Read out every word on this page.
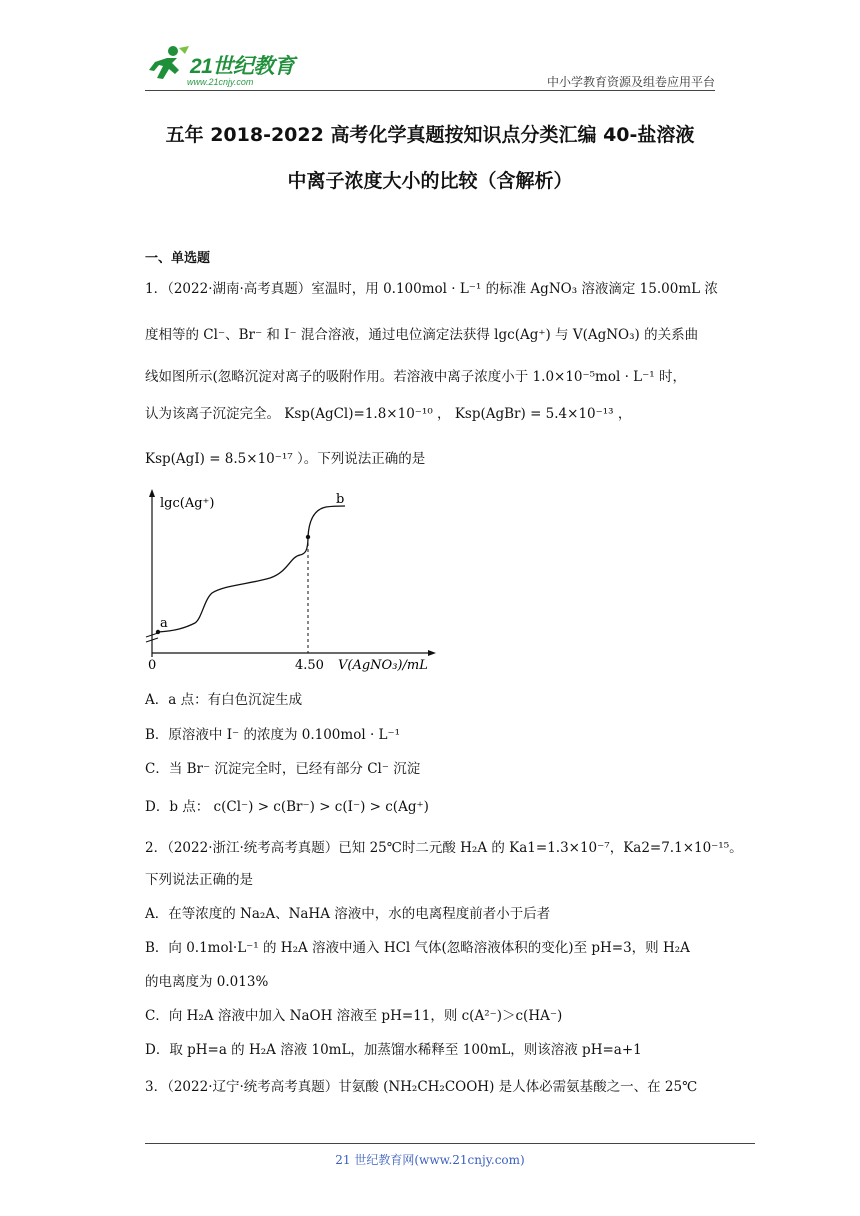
21世纪教育
www.21cnjy.com	中小学教育资源及组卷应用平台
五年 2018-2022 高考化学真题按知识点分类汇编 40-盐溶液
中离子浓度大小的比较（含解析）
一、单选题
1．（2022·湖南·高考真题）室温时，用 0.100mol · L⁻¹ 的标准 AgNO₃ 溶液滴定 15.00mL 浓
度相等的 Cl⁻、Br⁻ 和 I⁻ 混合溶液，通过电位滴定法获得 lgc(Ag⁺) 与 V(AgNO₃) 的关系曲
线如图所示(忽略沉淀对离子的吸附作用。若溶液中离子浓度小于 1.0×10⁻⁵mol · L⁻¹ 时，
认为该离子沉淀完全。 Ksp(AgCl)=1.8×10⁻¹⁰ ， Ksp(AgBr) = 5.4×10⁻¹³ ，
Ksp(AgI) = 8.5×10⁻¹⁷ ）。下列说法正确的是
lgc(Ag⁺)
a
b
0	4.50 V(AgNO₃)/mL
A．a 点：有白色沉淀生成
B．原溶液中 I⁻ 的浓度为 0.100mol · L⁻¹
C．当 Br⁻ 沉淀完全时，已经有部分 Cl⁻ 沉淀
D．b 点： c(Cl⁻) > c(Br⁻) > c(I⁻) > c(Ag⁺)
2．（2022·浙江·统考高考真题）已知 25℃时二元酸 H₂A 的 Ka1=1.3×10⁻⁷，Ka2=7.1×10⁻¹⁵。
下列说法正确的是
A．在等浓度的 Na₂A、NaHA 溶液中，水的电离程度前者小于后者
B．向 0.1mol·L⁻¹ 的 H₂A 溶液中通入 HCl 气体(忽略溶液体积的变化)至 pH=3，则 H₂A
的电离度为 0.013%
C．向 H₂A 溶液中加入 NaOH 溶液至 pH=11，则 c(A²⁻)＞c(HA⁻)
D．取 pH=a 的 H₂A 溶液 10mL，加蒸馏水稀释至 100mL，则该溶液 pH=a+1
3．（2022·辽宁·统考高考真题）甘氨酸 (NH₂CH₂COOH) 是人体必需氨基酸之一、在 25℃
21 世纪教育网(www.21cnjy.com)
